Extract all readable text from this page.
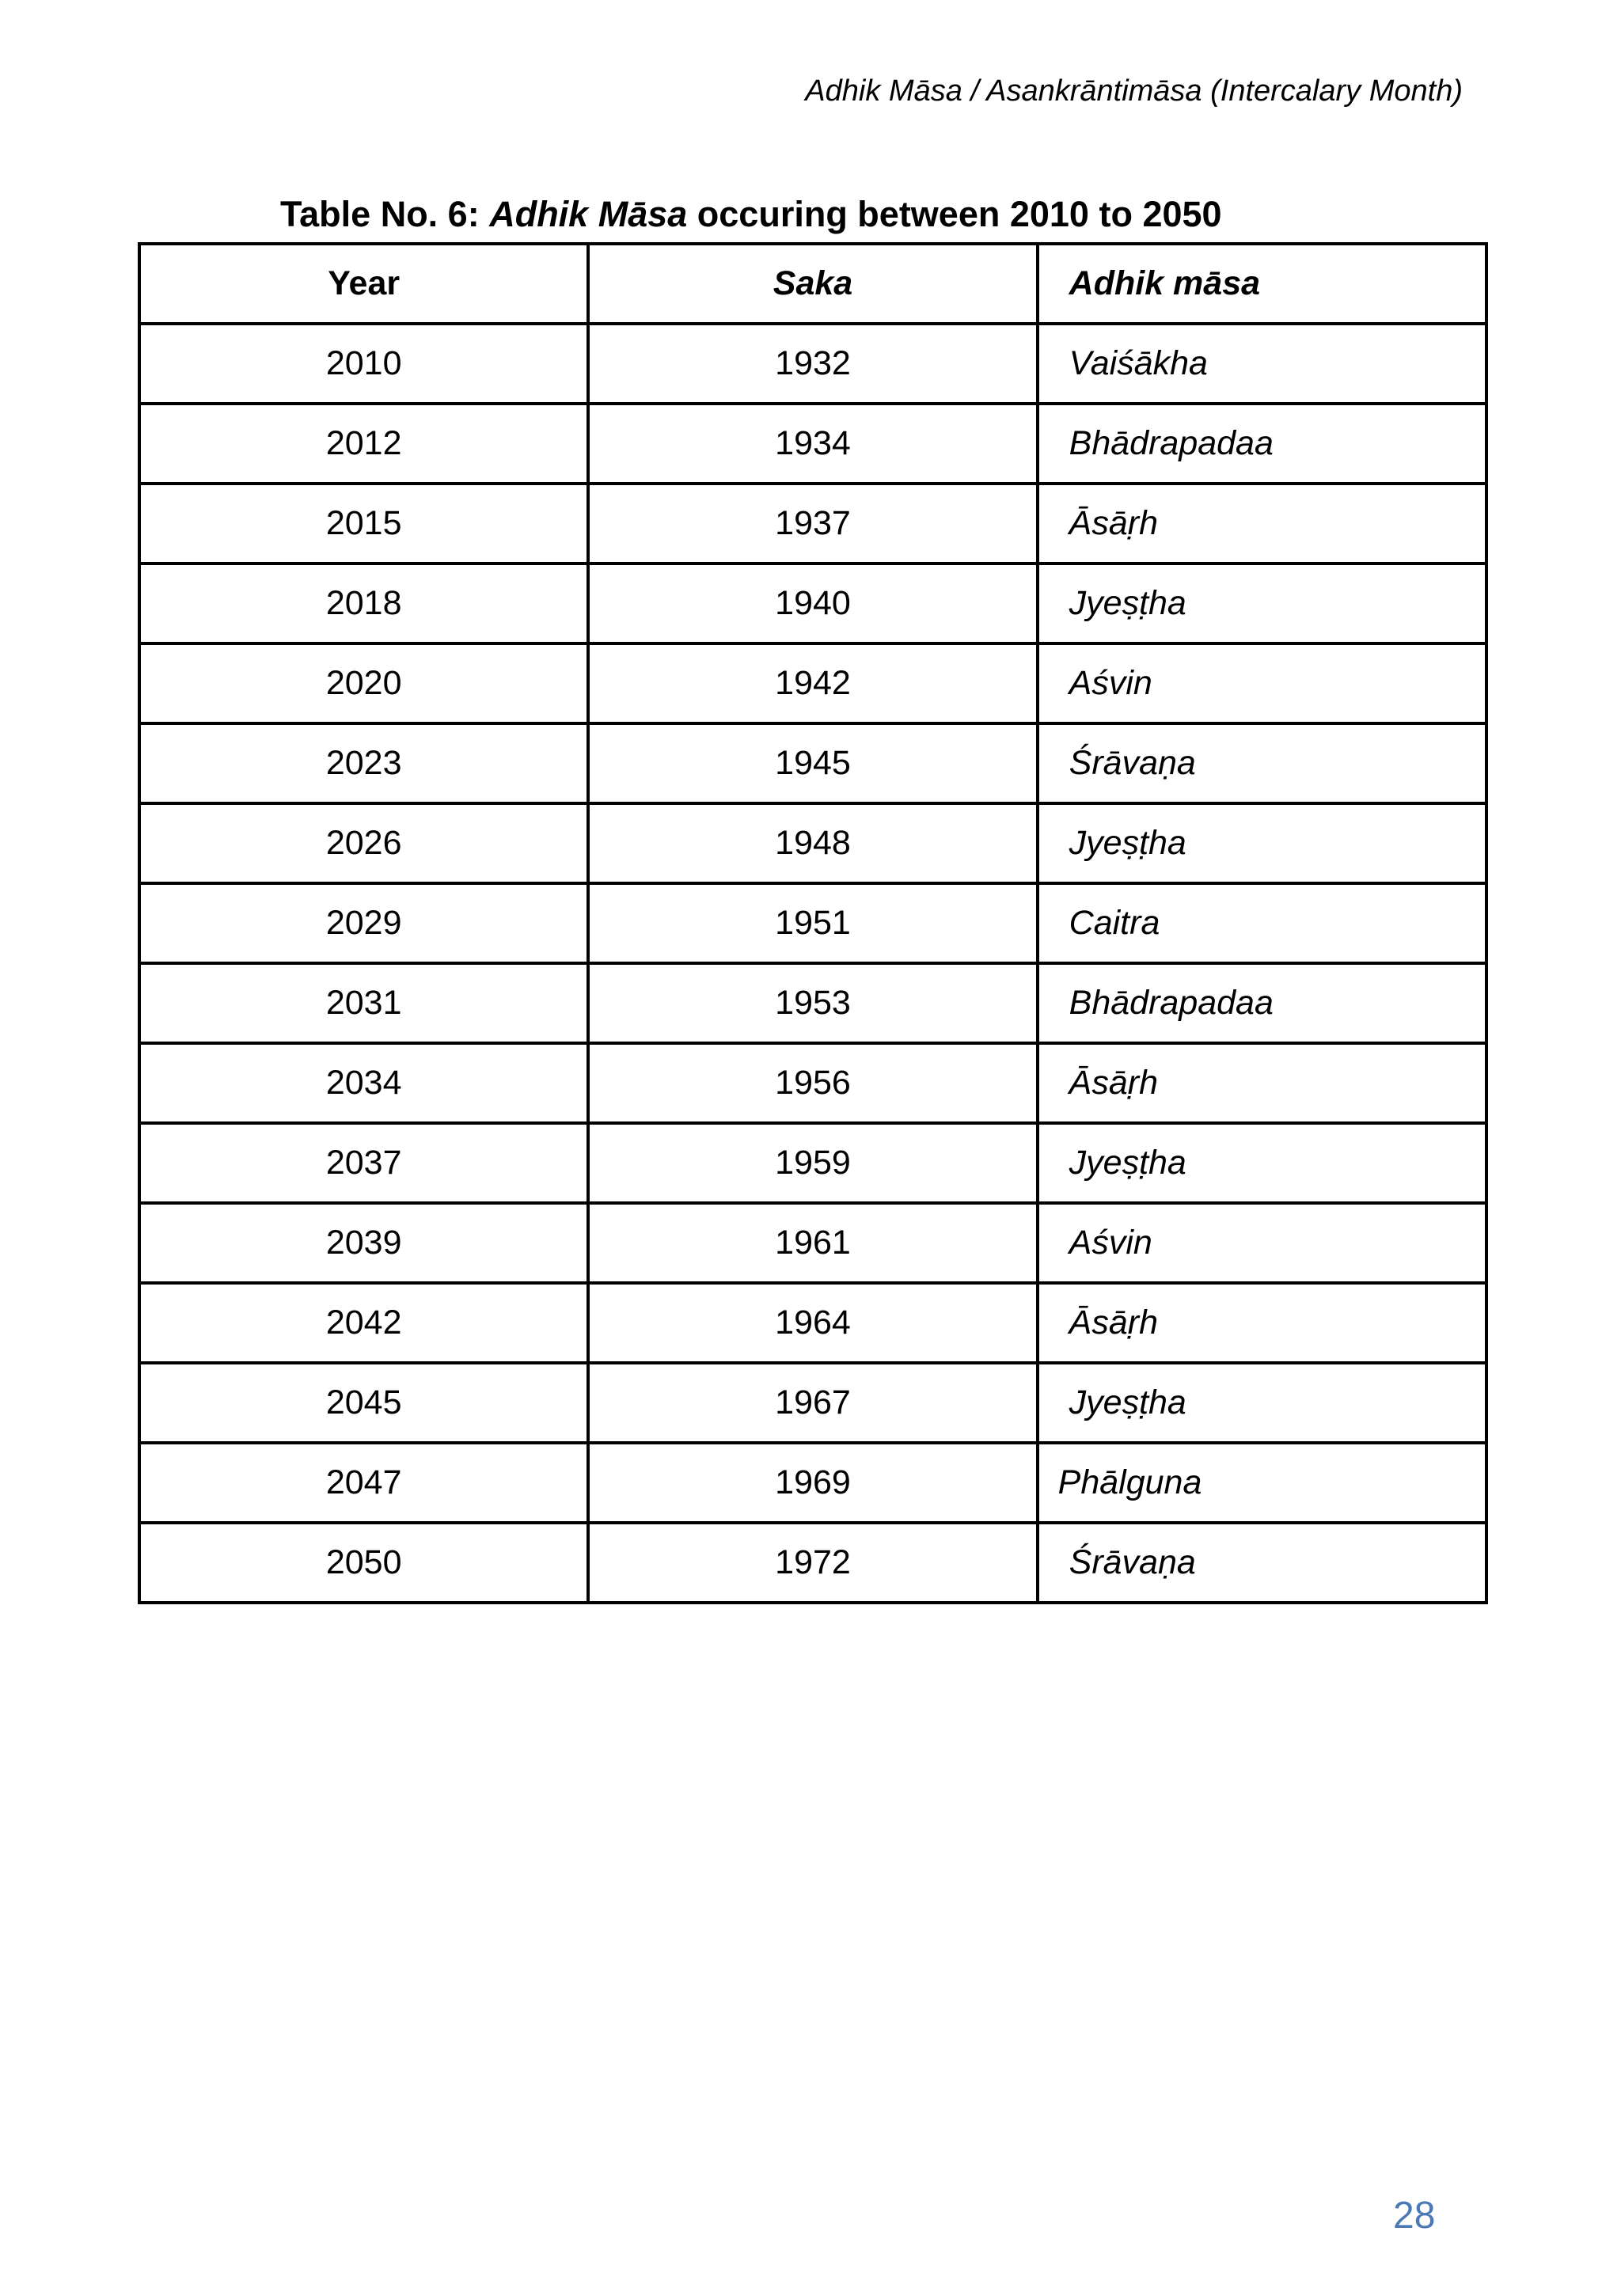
Adhik Māsa / Asankrāntimāsa (Intercalary Month)
Table No. 6: Adhik Māsa occuring between 2010 to 2050
Year	Saka	Adhik māsa
2010	1932	Vaiśākha
2012	1934	Bhādrapadaa
2015	1937	Āsāṛh
2018	1940	Jyeṣṭha
2020	1942	Aśvin
2023	1945	Śrāvaṇa
2026	1948	Jyeṣṭha
2029	1951	Caitra
2031	1953	Bhādrapadaa
2034	1956	Āsāṛh
2037	1959	Jyeṣṭha
2039	1961	Aśvin
2042	1964	Āsāṛh
2045	1967	Jyeṣṭha
2047	1969	Phālguna
2050	1972	Śrāvaṇa
28
